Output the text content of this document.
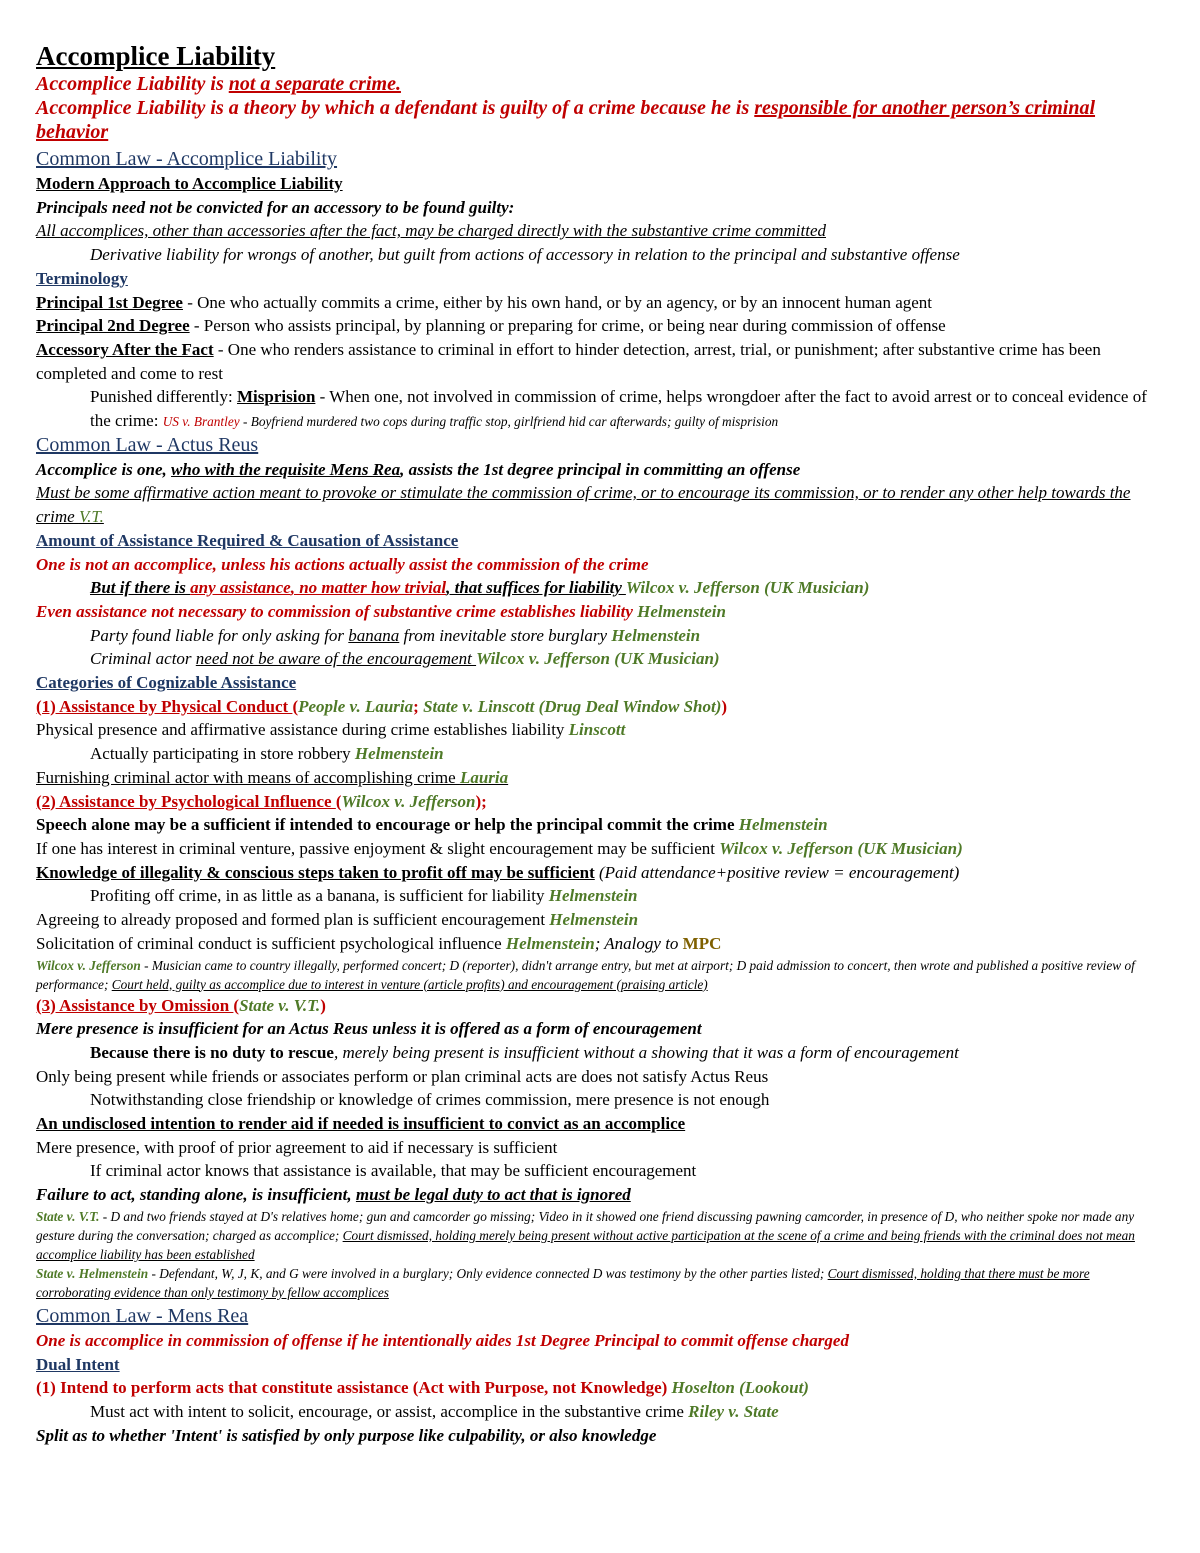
Accomplice Liability
Accomplice Liability is not a separate crime.
Accomplice Liability is a theory by which a defendant is guilty of a crime because he is responsible for another person’s criminal behavior
Common Law - Accomplice Liability
Modern Approach to Accomplice Liability
Principals need not be convicted for an accessory to be found guilty:
All accomplices, other than accessories after the fact, may be charged directly with the substantive crime committed
Derivative liability for wrongs of another, but guilt from actions of accessory in relation to the principal and substantive offense
Terminology
Principal 1st Degree - One who actually commits a crime, either by his own hand, or by an agency, or by an innocent human agent
Principal 2nd Degree - Person who assists principal, by planning or preparing for crime, or being near during commission of offense
Accessory After the Fact - One who renders assistance to criminal in effort to hinder detection, arrest, trial, or punishment; after substantive crime has been completed and come to rest
Punished differently: Misprision - When one, not involved in commission of crime, helps wrongdoer after the fact to avoid arrest or to conceal evidence of the crime: US v. Brantley - Boyfriend murdered two cops during traffic stop, girlfriend hid car afterwards; guilty of misprision
Common Law - Actus Reus
Accomplice is one, who with the requisite Mens Rea, assists the 1st degree principal in committing an offense
Must be some affirmative action meant to provoke or stimulate the commission of crime, or to encourage its commission, or to render any other help towards the crime V.T.
Amount of Assistance Required & Causation of Assistance
One is not an accomplice, unless his actions actually assist the commission of the crime
But if there is any assistance, no matter how trivial, that suffices for liability Wilcox v. Jefferson (UK Musician)
Even assistance not necessary to commission of substantive crime establishes liability Helmenstein
Party found liable for only asking for banana from inevitable store burglary Helmenstein
Criminal actor need not be aware of the encouragement Wilcox v. Jefferson (UK Musician)
Categories of Cognizable Assistance
(1) Assistance by Physical Conduct (People v. Lauria; State v. Linscott (Drug Deal Window Shot))
Physical presence and affirmative assistance during crime establishes liability Linscott
Actually participating in store robbery Helmenstein
Furnishing criminal actor with means of accomplishing crime Lauria
(2) Assistance by Psychological Influence (Wilcox v. Jefferson);
Speech alone may be a sufficient if intended to encourage or help the principal commit the crime Helmenstein
If one has interest in criminal venture, passive enjoyment & slight encouragement may be sufficient Wilcox v. Jefferson (UK Musician)
Knowledge of illegality & conscious steps taken to profit off may be sufficient (Paid attendance+positive review = encouragement)
Profiting off crime, in as little as a banana, is sufficient for liability Helmenstein
Agreeing to already proposed and formed plan is sufficient encouragement Helmenstein
Solicitation of criminal conduct is sufficient psychological influence Helmenstein; Analogy to MPC
Wilcox v. Jefferson - Musician came to country illegally, performed concert; D (reporter), didn't arrange entry, but met at airport; D paid admission to concert, then wrote and published a positive review of performance; Court held, guilty as accomplice due to interest in venture (article profits) and encouragement (praising article)
(3) Assistance by Omission (State v. V.T.)
Mere presence is insufficient for an Actus Reus unless it is offered as a form of encouragement
Because there is no duty to rescue, merely being present is insufficient without a showing that it was a form of encouragement
Only being present while friends or associates perform or plan criminal acts are does not satisfy Actus Reus
Notwithstanding close friendship or knowledge of crimes commission, mere presence is not enough
An undisclosed intention to render aid if needed is insufficient to convict as an accomplice
Mere presence, with proof of prior agreement to aid if necessary is sufficient
If criminal actor knows that assistance is available, that may be sufficient encouragement
Failure to act, standing alone, is insufficient, must be legal duty to act that is ignored
State v. V.T. - D and two friends stayed at D's relatives home; gun and camcorder go missing; Video in it showed one friend discussing pawning camcorder, in presence of D, who neither spoke nor made any gesture during the conversation; charged as accomplice; Court dismissed, holding merely being present without active participation at the scene of a crime and being friends with the criminal does not mean accomplice liability has been established
State v. Helmenstein - Defendant, W, J, K, and G were involved in a burglary; Only evidence connected D was testimony by the other parties listed; Court dismissed, holding that there must be more corroborating evidence than only testimony by fellow accomplices
Common Law - Mens Rea
One is accomplice in commission of offense if he intentionally aides 1st Degree Principal to commit offense charged
Dual Intent
(1) Intend to perform acts that constitute assistance (Act with Purpose, not Knowledge) Hoselton (Lookout)
Must act with intent to solicit, encourage, or assist, accomplice in the substantive crime Riley v. State
Split as to whether 'Intent' is satisfied by only purpose like culpability, or also knowledge
